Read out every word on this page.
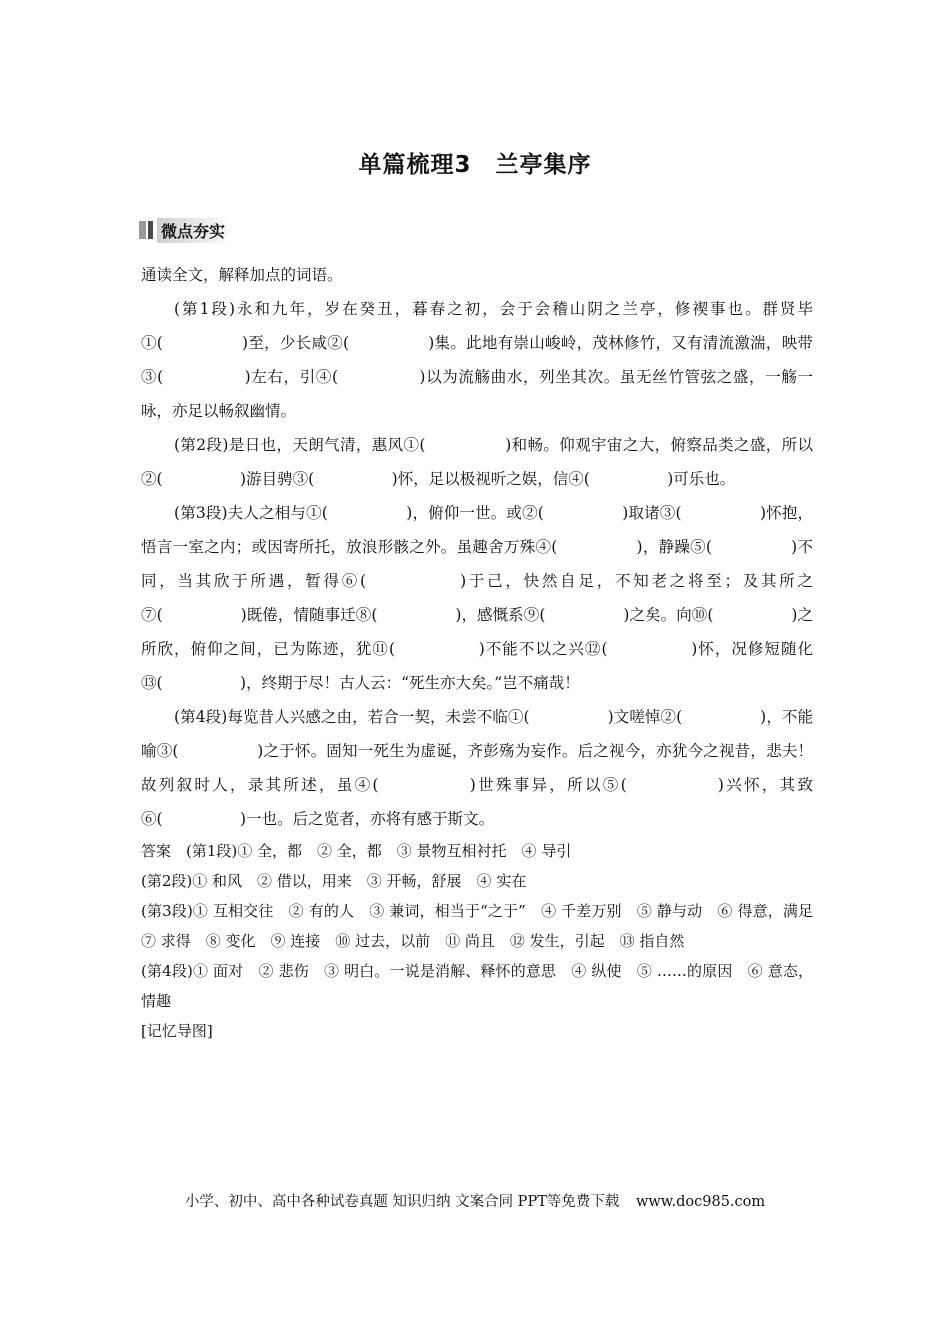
单篇梳理3　兰亭集序
微点夯实

通读全文，解释加点的词语。

(第1段)永和九年，岁在癸丑，暮春之初，会于会稽山阴之兰亭，修禊事也。群贤毕①(　　　　　)至，少长咸②(　　　　　)集。此地有崇山峻岭，茂林修竹，又有清流激湍，映带③(　　　　　)左右，引④(　　　　　)以为流觞曲水，列坐其次。虽无丝竹管弦之盛，一觞一咏，亦足以畅叙幽情。

(第2段)是日也，天朗气清，惠风①(　　　　　)和畅。仰观宇宙之大，俯察品类之盛，所以②(　　　　　)游目骋③(　　　　　)怀，足以极视听之娱，信④(　　　　　)可乐也。

(第3段)夫人之相与①(　　　　　)，俯仰一世。或②(　　　　　)取诸③(　　　　　)怀抱，悟言一室之内；或因寄所托，放浪形骸之外。虽趣舍万殊④(　　　　　)，静躁⑤(　　　　　)不同，当其欣于所遇，暂得⑥(　　　　　)于己，快然自足，不知老之将至；及其所之⑦(　　　　　)既倦，情随事迁⑧(　　　　　)，感慨系⑨(　　　　　)之矣。向⑩(　　　　　)之所欣，俯仰之间，已为陈迹，犹⑪(　　　　　)不能不以之兴⑫(　　　　　)怀，况修短随化⑬(　　　　　)，终期于尽！古人云：“死生亦大矣。”岂不痛哉！

(第4段)每览昔人兴感之由，若合一契，未尝不临①(　　　　　)文嗟悼②(　　　　　)，不能喻③(　　　　　)之于怀。固知一死生为虚诞，齐彭殇为妄作。后之视今，亦犹今之视昔，悲夫！故列叙时人，录其所述，虽④(　　　　　)世殊事异，所以⑤(　　　　　)兴怀，其致⑥(　　　　　)一也。后之览者，亦将有感于斯文。

答案　(第1段)① 全，都　② 全，都　③ 景物互相衬托　④ 导引

(第2段)① 和风　② 借以，用来　③ 开畅，舒展　④ 实在

(第3段)① 互相交往　② 有的人　③ 兼词，相当于“之于”　④ 千差万别　⑤ 静与动　⑥ 得意，满足　⑦ 求得　⑧ 变化　⑨ 连接　⑩ 过去，以前　⑪ 尚且　⑫ 发生，引起　⑬ 指自然

(第4段)① 面对　② 悲伤　③ 明白。一说是消解、释怀的意思　④ 纵使　⑤ ……的原因　⑥ 意态，情趣

[记忆导图]

小学、初中、高中各种试卷真题 知识归纳 文案合同 PPT等免费下载 www.doc985.com
